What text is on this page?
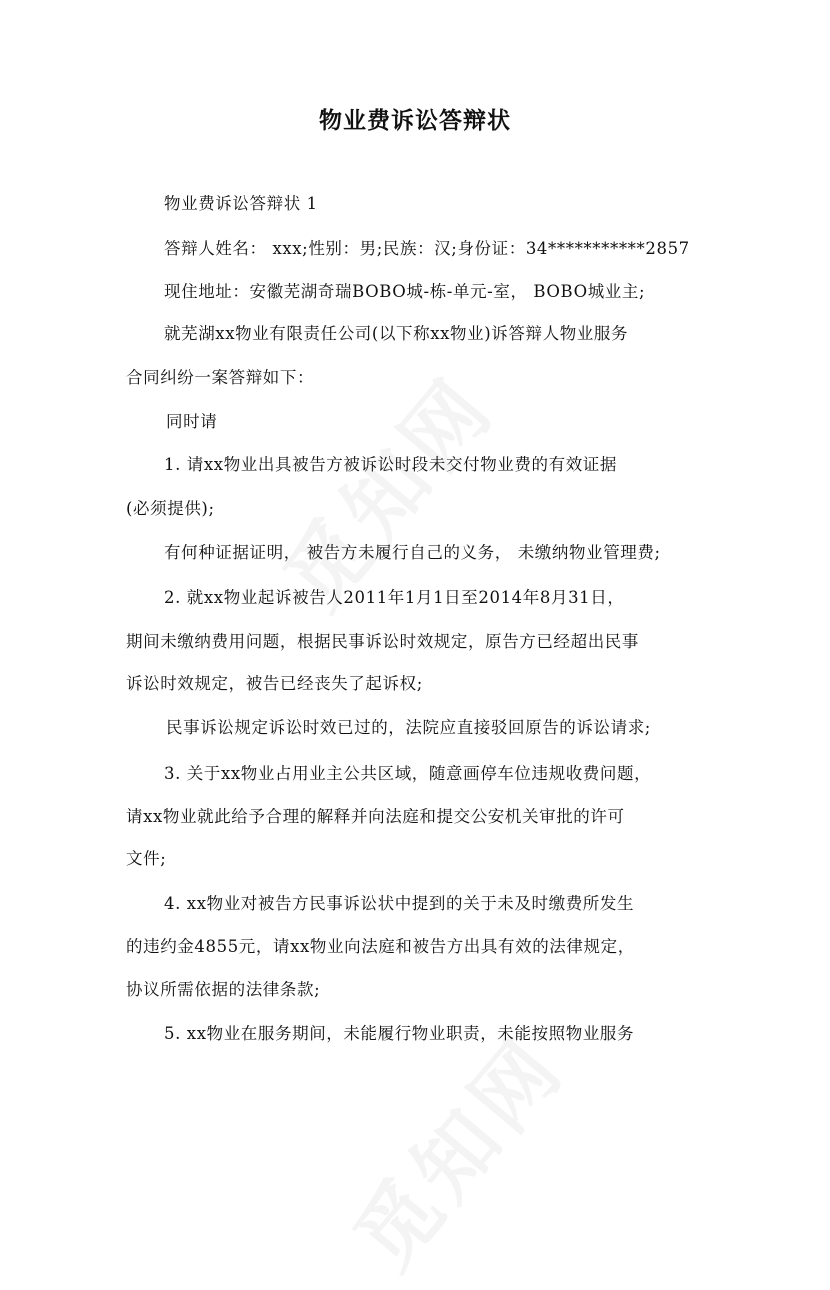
物业费诉讼答辩状
物业费诉讼答辩状 1
答辩人姓名： xxx;性别：男;民族：汉;身份证：34***********2857
现住地址：安徽芜湖奇瑞BOBO城-栋-单元-室， BOBO城业主;
就芜湖xx物业有限责任公司(以下称xx物业)诉答辩人物业服务
合同纠纷一案答辩如下：
同时请
1. 请xx物业出具被告方被诉讼时段未交付物业费的有效证据
(必须提供);
有何种证据证明， 被告方未履行自己的义务， 未缴纳物业管理费;
2. 就xx物业起诉被告人2011年1月1日至2014年8月31日，
期间未缴纳费用问题，根据民事诉讼时效规定，原告方已经超出民事
诉讼时效规定，被告已经丧失了起诉权;
民事诉讼规定诉讼时效已过的，法院应直接驳回原告的诉讼请求;
3. 关于xx物业占用业主公共区域，随意画停车位违规收费问题，
请xx物业就此给予合理的解释并向法庭和提交公安机关审批的许可
文件;
4. xx物业对被告方民事诉讼状中提到的关于未及时缴费所发生
的违约金4855元，请xx物业向法庭和被告方出具有效的法律规定，
协议所需依据的法律条款;
5. xx物业在服务期间，未能履行物业职责，未能按照物业服务
